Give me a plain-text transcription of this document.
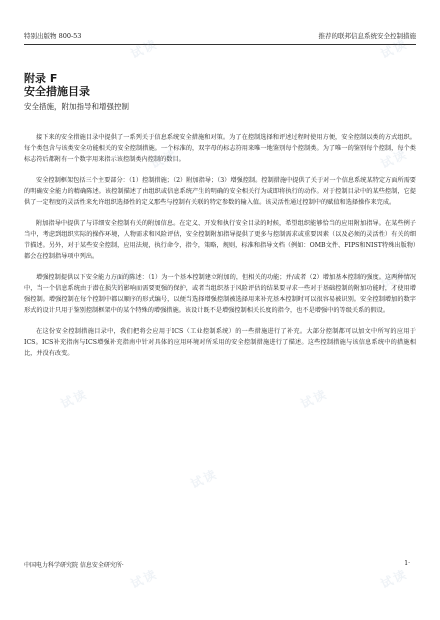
特别出版物 800-53	推荐的联邦信息系统安全控制措施
附录 F
安全措施目录
安全措施，附加指导和增强控制

接下来的安全措施目录中提供了一系列关于信息系统安全措施和对策。为了在控制选择和评述过程时使用方便，安全控制以类的方式组织。每个类包含与该类安全功能相关的安全控制措施。一个标准的，双字母的标志符用来唯一地鉴别每个控制类。为了唯一的鉴别每个控制，每个类标志符后都附有一个数字用来指示该控制类内控制的数目。

安全控制框架包括三个主要部分：（1）控制措施；（2）附加指导；（3）增强控制。控制措施中提供了关于对一个信息系统某特定方面所需要的明确安全能力的精确陈述。该控制描述了由组织或信息系统产生的明确的安全相关行为或即将执行的动作。对于控制目录中的某些控制，它提供了一定程度的灵活性来允许组织选择性的定义那些与控制有关联的特定参数的输入值。该灵活性通过控制中的赋值和选择操作来完成。

附加指导中提供了与详细安全控制有关的附加信息。在定义、开发和执行安全目录的时候，希望组织能够恰当的应用附加指导。在某些例子当中，考虑到组织实际的操作环境，人物需求和风险评估，安全控制附加指导提供了更多与控制需求或重要因素（以及必须的灵活性）有关的细节描述。另外，对于某些安全控制，应用法规，执行命令，指令，策略，规则，标准和指导文档（例如：OMB文件、FIPS和NIST特殊出版物）都会在控制指导项中列出。

增强控制提供以下安全能力方面的陈述：（1）为一个基本控制建立附加的，但相关的功能；并/或者（2）增加基本控制的强度。这两种情况中，当一个信息系统由于潜在损失的影响而需要更强的保护，或者当组织基于风险评估的结果要寻求一些对于基础控制的附加功能时，才使用增强控制。增强控制在每个控制中都以顺序的形式编号，以便当选择增强控制被选择用来补充基本控制时可以很容易被识别。安全控制增加的数字形式的设计只用于鉴别控制框架中的某个特殊的增强措施。该设计既不是增强控制相关长度的指令，也不是增强中的等级关系的假设。

在这份安全控制措施目录中，我们把将会应用于ICS（工业控制系统）的一些措施进行了补充。大部分控制都可以加文中所写的应用于ICS。ICS补充指南与ICS增强补充指南中针对具体的应用环境对所采用的安全控制措施进行了描述。这些控制措施与该信息系统中的措施相比，并没有改变。

中国电力科学研究院 信息安全研究所·	1·
试读	试读
试读	试读
试读	试读
试读	试读
试读
试读	试读
